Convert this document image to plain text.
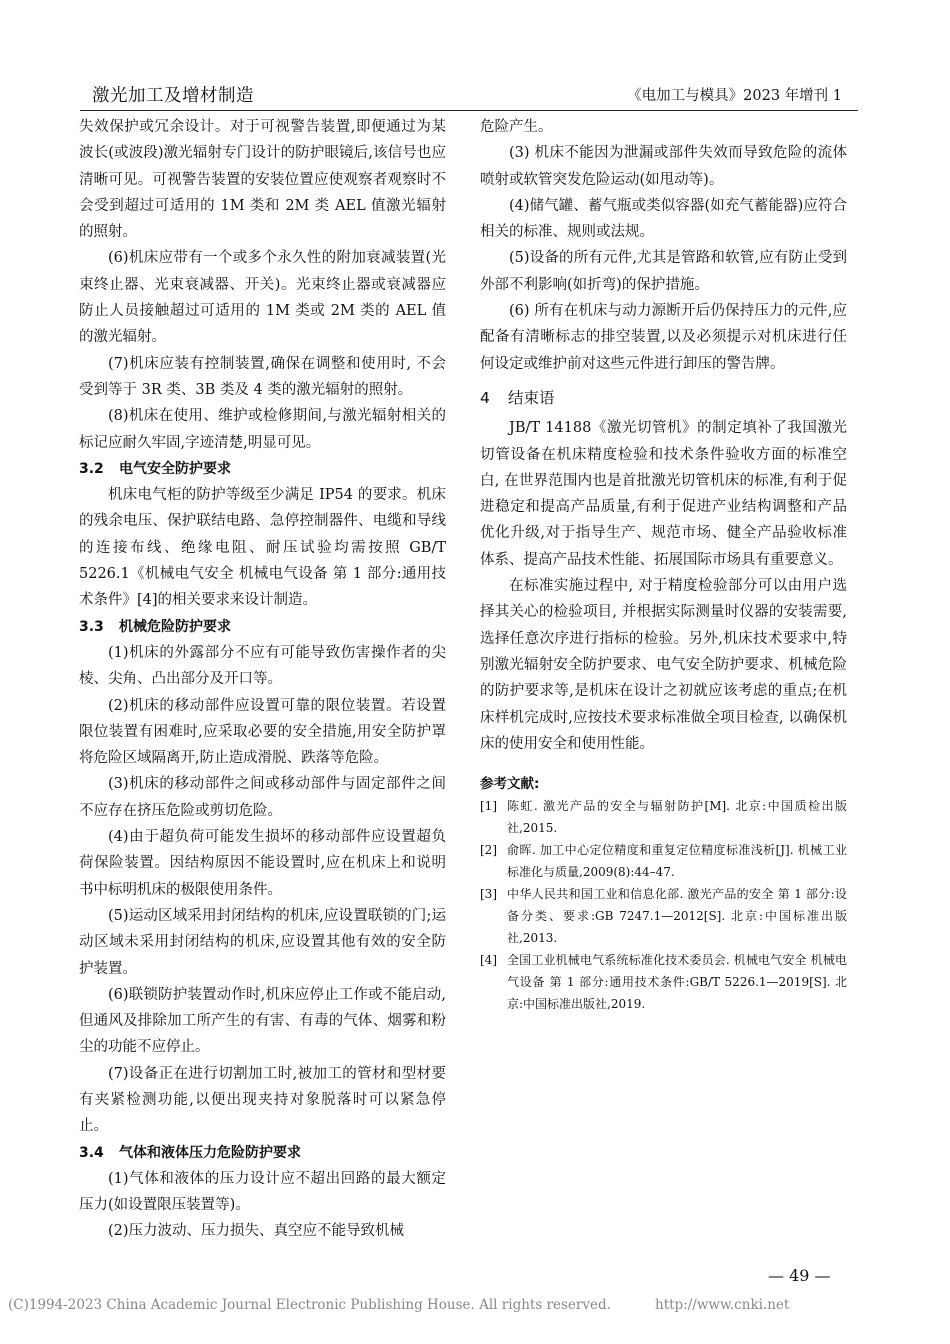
激光加工及增材制造	《电加工与模具》2023 年增刊 1

失效保护或冗余设计。对于可视警告装置,即便通过为某波长(或波段)激光辐射专门设计的防护眼镜后,该信号也应清晰可见。可视警告装置的安装位置应使观察者观察时不会受到超过可适用的 1M 类和 2M 类 AEL 值激光辐射的照射。

(6)机床应带有一个或多个永久性的附加衰减装置(光束终止器、光束衰减器、开关)。光束终止器或衰减器应防止人员接触超过可适用的 1M 类或 2M 类的 AEL 值的激光辐射。

(7)机床应装有控制装置,确保在调整和使用时, 不会受到等于 3R 类、3B 类及 4 类的激光辐射的照射。

(8)机床在使用、维护或检修期间,与激光辐射相关的标记应耐久牢固,字迹清楚,明显可见。

3.2	电气安全防护要求

机床电气柜的防护等级至少满足 IP54 的要求。机床的残余电压、保护联结电路、急停控制器件、电缆和导线的连接布线、绝缘电阻、耐压试验均需按照 GB/T 5226.1《机械电气安全 机械电气设备 第 1 部分:通用技术条件》[4]的相关要求来设计制造。

3.3	机械危险防护要求

(1)机床的外露部分不应有可能导致伤害操作者的尖棱、尖角、凸出部分及开口等。

(2)机床的移动部件应设置可靠的限位装置。若设置限位装置有困难时,应采取必要的安全措施,用安全防护罩将危险区域隔离开,防止造成滑脱、跌落等危险。

(3)机床的移动部件之间或移动部件与固定部件之间不应存在挤压危险或剪切危险。

(4)由于超负荷可能发生损坏的移动部件应设置超负荷保险装置。因结构原因不能设置时,应在机床上和说明书中标明机床的极限使用条件。

(5)运动区域采用封闭结构的机床,应设置联锁的门;运动区域未采用封闭结构的机床,应设置其他有效的安全防护装置。

(6)联锁防护装置动作时,机床应停止工作或不能启动,但通风及排除加工所产生的有害、有毒的气体、烟雾和粉尘的功能不应停止。

(7)设备正在进行切割加工时,被加工的管材和型材要有夹紧检测功能,以便出现夹持对象脱落时可以紧急停止。

3.4	气体和液体压力危险防护要求

(1)气体和液体的压力设计应不超出回路的最大额定压力(如设置限压装置等)。

(2)压力波动、压力损失、真空应不能导致机械

危险产生。

(3) 机床不能因为泄漏或部件失效而导致危险的流体喷射或软管突发危险运动(如甩动等)。

(4)储气罐、蓄气瓶或类似容器(如充气蓄能器)应符合相关的标准、规则或法规。

(5)设备的所有元件,尤其是管路和软管,应有防止受到外部不利影响(如折弯)的保护措施。

(6) 所有在机床与动力源断开后仍保持压力的元件,应配备有清晰标志的排空装置,以及必须提示对机床进行任何设定或维护前对这些元件进行卸压的警告牌。

4	结束语

JB/T 14188《激光切管机》的制定填补了我国激光切管设备在机床精度检验和技术条件验收方面的标准空白, 在世界范围内也是首批激光切管机床的标准,有利于促进稳定和提高产品质量,有利于促进产业结构调整和产品优化升级,对于指导生产、规范市场、健全产品验收标准体系、提高产品技术性能、拓展国际市场具有重要意义。

在标准实施过程中, 对于精度检验部分可以由用户选择其关心的检验项目, 并根据实际测量时仪器的安装需要, 选择任意次序进行指标的检验。另外,机床技术要求中,特别激光辐射安全防护要求、电气安全防护要求、机械危险的防护要求等,是机床在设计之初就应该考虑的重点;在机床样机完成时,应按技术要求标准做全项目检查, 以确保机床的使用安全和使用性能。

参考文献:
[1] 陈虹. 激光产品的安全与辐射防护[M]. 北京:中国质检出版社,2015.
[2] 俞晖. 加工中心定位精度和重复定位精度标准浅析[J]. 机械工业标准化与质量,2009(8):44–47.
[3] 中华人民共和国工业和信息化部. 激光产品的安全 第 1 部分:设备分类、要求:GB 7247.1—2012[S]. 北京:中国标准出版社,2013.
[4] 全国工业机械电气系统标准化技术委员会. 机械电气安全 机械电气设备 第 1 部分:通用技术条件:GB/T 5226.1—2019[S]. 北京:中国标准出版社,2019.
— 49 —
(C)1994-2023 China Academic Journal Electronic Publishing House. All rights reserved.	http://www.cnki.net
